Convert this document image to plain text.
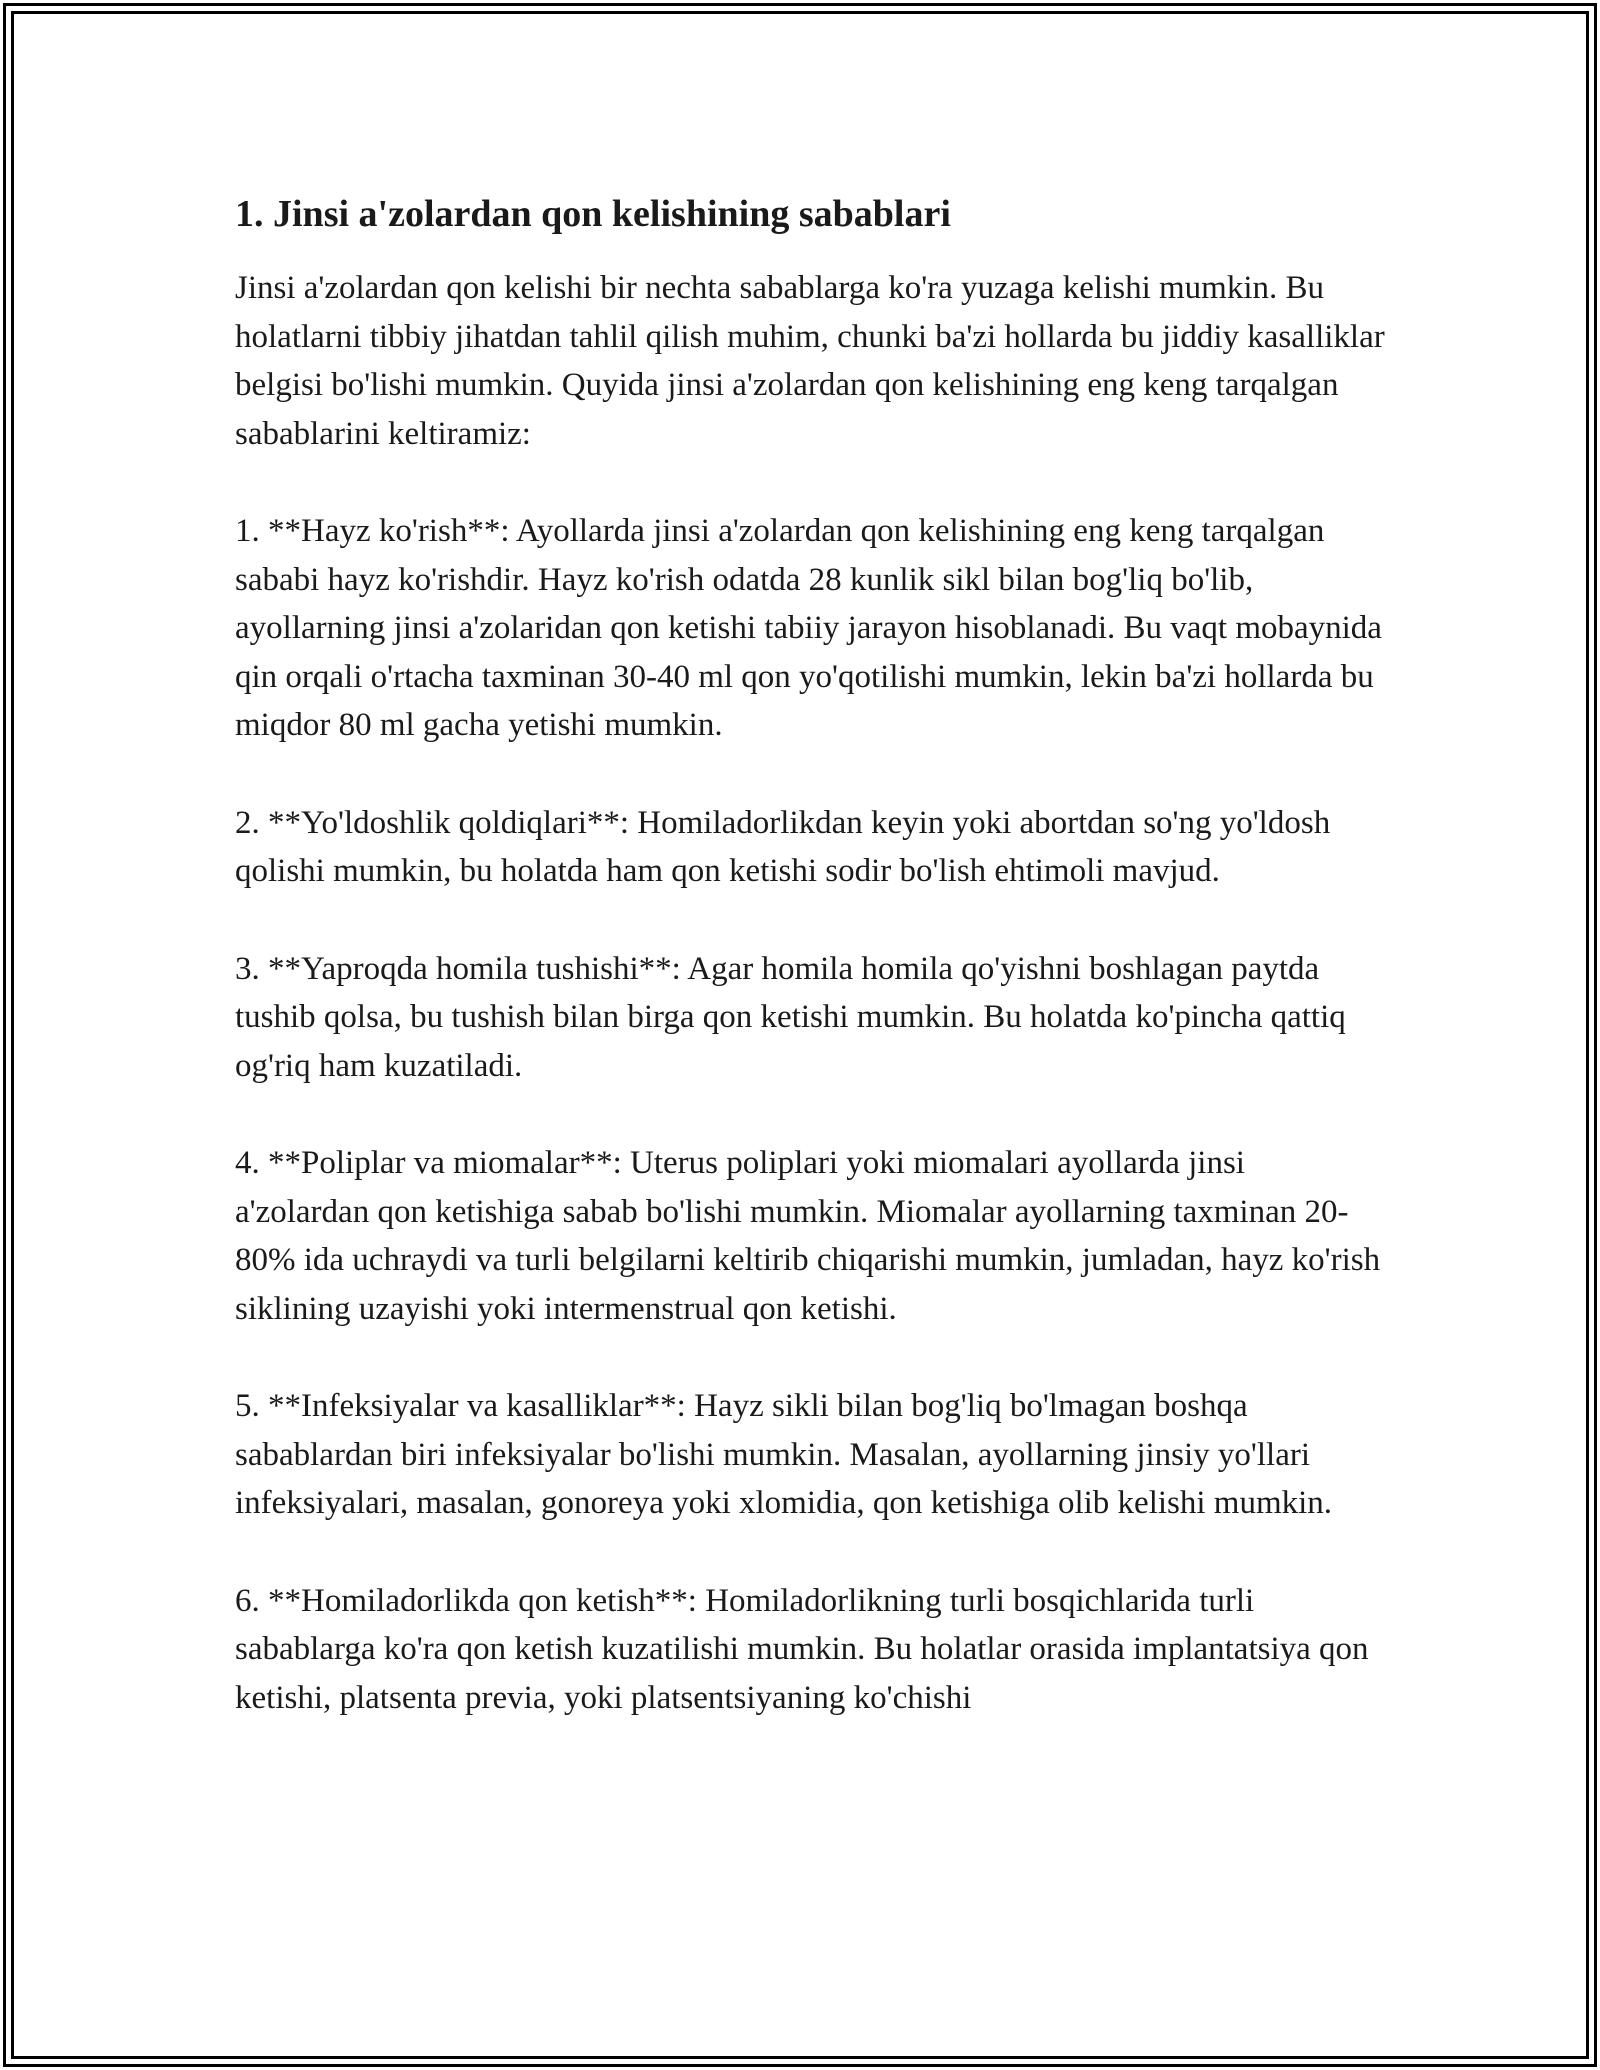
1. Jinsi a'zolardan qon kelishining sabablari

Jinsi a'zolardan qon kelishi bir nechta sabablarga ko'ra yuzaga kelishi mumkin. Bu holatlarni tibbiy jihatdan tahlil qilish muhim, chunki ba'zi hollarda bu jiddiy kasalliklar belgisi bo'lishi mumkin. Quyida jinsi a'zolardan qon kelishining eng keng tarqalgan sabablarini keltiramiz:

1. **Hayz ko'rish**: Ayollarda jinsi a'zolardan qon kelishining eng keng tarqalgan sababi hayz ko'rishdir. Hayz ko'rish odatda 28 kunlik sikl bilan bog'liq bo'lib, ayollarning jinsi a'zolaridan qon ketishi tabiiy jarayon hisoblanadi. Bu vaqt mobaynida qin orqali o'rtacha taxminan 30-40 ml qon yo'qotilishi mumkin, lekin ba'zi hollarda bu miqdor 80 ml gacha yetishi mumkin.

2. **Yo'ldoshlik qoldiqlari**: Homiladorlikdan keyin yoki abortdan so'ng yo'ldosh qolishi mumkin, bu holatda ham qon ketishi sodir bo'lish ehtimoli mavjud.

3. **Yaproqda homila tushishi**: Agar homila homila qo'yishni boshlagan paytda tushib qolsa, bu tushish bilan birga qon ketishi mumkin. Bu holatda ko'pincha qattiq og'riq ham kuzatiladi.

4. **Poliplar va miomalar**: Uterus poliplari yoki miomalari ayollarda jinsi a'zolardan qon ketishiga sabab bo'lishi mumkin. Miomalar ayollarning taxminan 20-80% ida uchraydi va turli belgilarni keltirib chiqarishi mumkin, jumladan, hayz ko'rish siklining uzayishi yoki intermenstrual qon ketishi.

5. **Infeksiyalar va kasalliklar**: Hayz sikli bilan bog'liq bo'lmagan boshqa sabablardan biri infeksiyalar bo'lishi mumkin. Masalan, ayollarning jinsiy yo'llari infeksiyalari, masalan, gonoreya yoki xlomidia, qon ketishiga olib kelishi mumkin.

6. **Homiladorlikda qon ketish**: Homiladorlikning turli bosqichlarida turli sabablarga ko'ra qon ketish kuzatilishi mumkin. Bu holatlar orasida implantatsiya qon ketishi, platsenta previa, yoki platsentsiyaning ko'chishi
